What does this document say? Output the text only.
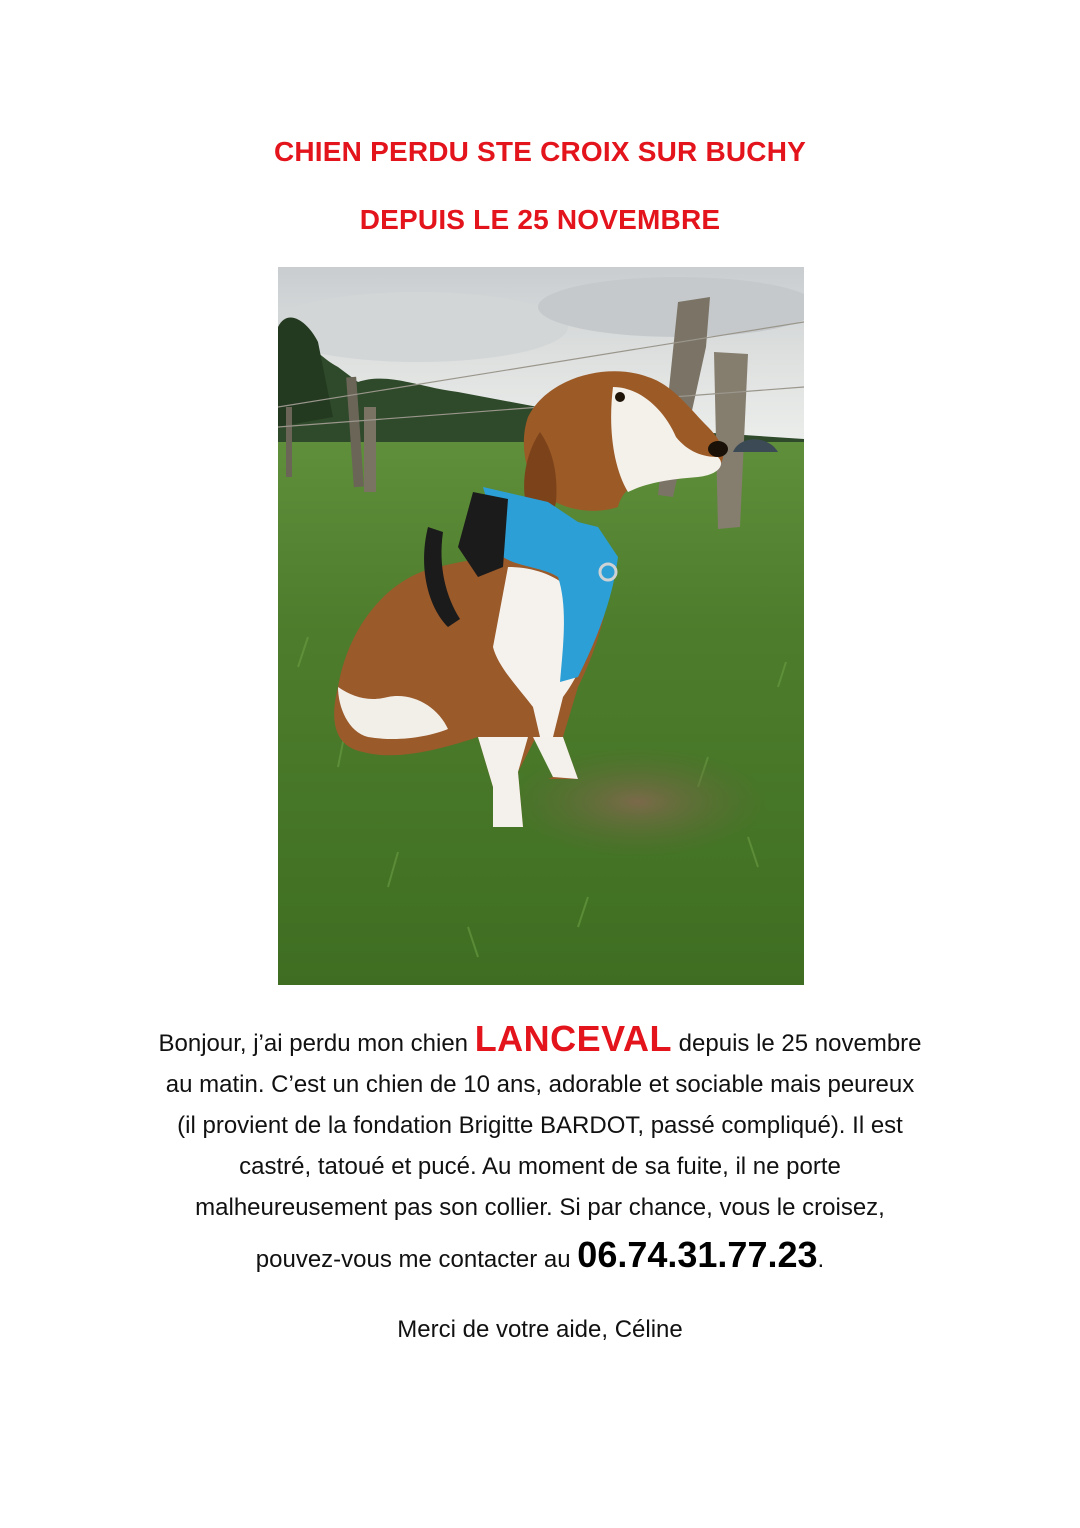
CHIEN PERDU STE CROIX SUR BUCHY
DEPUIS LE 25 NOVEMBRE
Bonjour, j’ai perdu mon chien LANCEVAL depuis le 25 novembre
au matin. C’est un chien de 10 ans, adorable et sociable mais peureux
(il provient de la fondation Brigitte BARDOT, passé compliqué). Il est
castré, tatoué et pucé. Au moment de sa fuite, il ne porte
malheureusement pas son collier. Si par chance, vous le croisez,
pouvez-vous me contacter au 06.74.31.77.23.
Merci de votre aide, Céline
